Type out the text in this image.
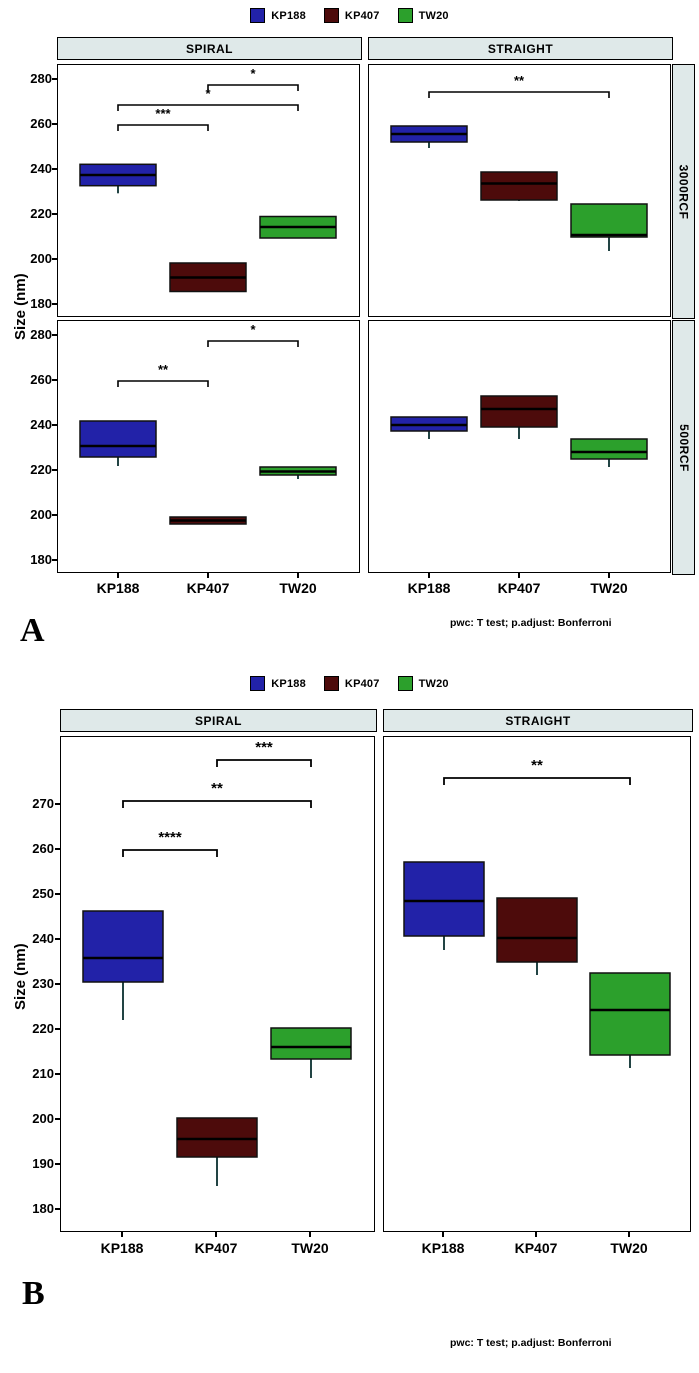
KP188	KP407	TW20
Size (nm)
SPIRAL	STRAIGHT
3000RCF
500RCF
***
*
*	**
**
*
280
260
240
220
200
180
280
260
240
220
200
180
KP188	KP407	TW20	KP188	KP407	TW20
pwc: T test; p.adjust: Bonferroni
A
KP188	KP407	TW20
Size (nm)
SPIRAL	STRAIGHT
****
**
***
**
270
260
250
240
230
220
210
200
190
180
KP188	KP407	TW20	KP188	KP407	TW20
pwc: T test; p.adjust: Bonferroni
B
